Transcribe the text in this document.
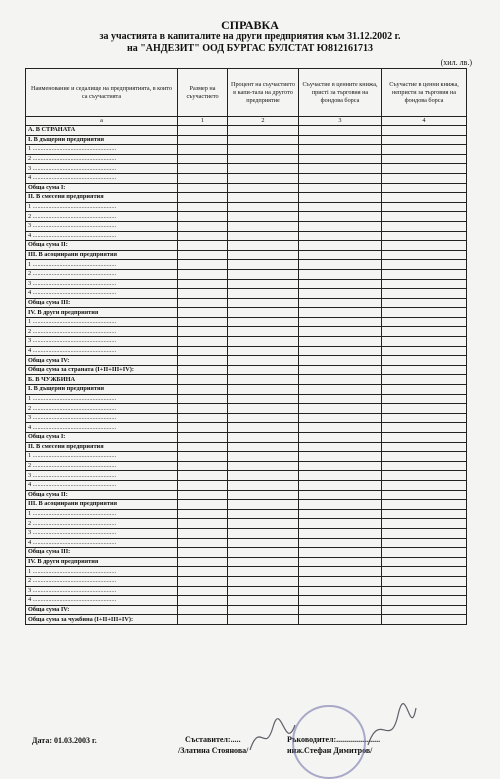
СПРАВКА
за участията в капиталите на други предприятия към 31.12.2002 г.
на "АНДЕЗИТ" ООД БУРГАС БУЛСТАТ Ю812161713
(хил. лв.)
Наименование и седалище на предприятията, в които са съучастията	Размер на съучастието	Процент на съучастието в капи-тала на другото предприятие	Съучастие в ценните книжа, пристi за търговия на фондова борса	Съучастие в ценни книжа, непристи за търговия на фондова борса
а	1	2	3	4
А. В СТРАНАТА				
I. В дъщерни предприятия				
1 .....................................................				
2 .....................................................				
3 .....................................................				
4 .....................................................				
Обща сума I:				
II. В смесени предприятия				
1 .....................................................				
2 .....................................................				
3 .....................................................				
4 .....................................................				
Обща сума II:				
III. В асоциирани предприятия				
1 .....................................................				
2 .....................................................				
3 .....................................................				
4 .....................................................				
Обща сума III:				
IV. В други предприятия				
1 .....................................................				
2 .....................................................				
3 .....................................................				
4 .....................................................				
Обща сума IV:				
Обща сума за страната (I+II+III+IV):				
Б. В ЧУЖБИНА				
I. В дъщерни предприятия				
1 .....................................................				
2 .....................................................				
3 .....................................................				
4 .....................................................				
Обща сума I:				
II. В смесени предприятия				
1 .....................................................				
2 .....................................................				
3 .....................................................				
4 .....................................................				
Обща сума II:				
III. В асоциирани предприятия				
1 .....................................................				
2 .....................................................				
3 .....................................................				
4 .....................................................				
Обща сума III:				
IV. В други предприятия				
1 .....................................................				
2 .....................................................				
3 .....................................................				
4 .....................................................				
Обща сума IV:				
Обща сума за чужбина (I+II+III+IV):				
Дата: 01.03.2003 г.	Съставител:.....
/Златина Стоянова/
Ръководител:......................
инж.Стефан Димитров/
